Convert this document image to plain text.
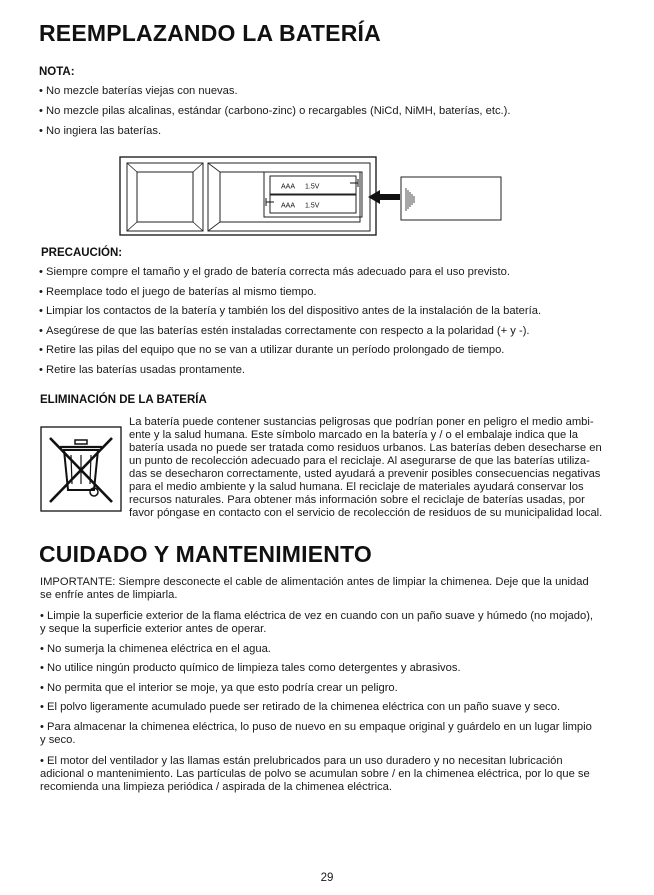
REEMPLAZANDO LA BATERÍA
NOTA:
• No mezcle baterías viejas con nuevas.
• No mezcle pilas alcalinas, estándar (carbono-zinc) o recargables (NiCd, NiMH, baterías, etc.).
• No ingiera las baterías.
AAA 1.5V
AAA 1.5V
PRECAUCIÓN:
• Siempre compre el tamaño y el grado de batería correcta más adecuado para el uso previsto.
• Reemplace todo el juego de baterías al mismo tiempo.
• Limpiar los contactos de la batería y también los del dispositivo antes de la instalación de la batería.
• Asegúrese de que las baterías estén instaladas correctamente con respecto a la polaridad (+ y -).
• Retire las pilas del equipo que no se van a utilizar durante un período prolongado de tiempo.
• Retire las baterías usadas prontamente.
ELIMINACIÓN DE LA BATERÍA
La batería puede contener sustancias peligrosas que podrían poner en peligro el medio ambi-
ente y la salud humana. Este símbolo marcado en la batería y / o el embalaje indica que la
batería usada no puede ser tratada como residuos urbanos. Las baterías deben desecharse en
un punto de recolección adecuado para el reciclaje. Al asegurarse de que las baterías utiliza-
das se desecharon correctamente, usted ayudará a prevenir posibles consecuencias negativas
para el medio ambiente y la salud humana. El reciclaje de materiales ayudará conservar los
recursos naturales. Para obtener más información sobre el reciclaje de baterías usadas, por
favor póngase en contacto con el servicio de recolección de residuos de su municipalidad local.
CUIDADO Y MANTENIMIENTO
IMPORTANTE: Siempre desconecte el cable de alimentación antes de limpiar la chimenea. Deje que la unidad
se enfríe antes de limpiarla.
• Limpie la superficie exterior de la flama eléctrica de vez en cuando con un paño suave y húmedo (no mojado),
y seque la superficie exterior antes de operar.
• No sumerja la chimenea eléctrica en el agua.
• No utilice ningún producto químico de limpieza tales como detergentes y abrasivos.
• No permita que el interior se moje, ya que esto podría crear un peligro.
• El polvo ligeramente acumulado puede ser retirado de la chimenea eléctrica con un paño suave y seco.
• Para almacenar la chimenea eléctrica, lo puso de nuevo en su empaque original y guárdelo en un lugar limpio
y seco.
• El motor del ventilador y las llamas están prelubricados para un uso duradero y no necesitan lubricación
adicional o mantenimiento. Las partículas de polvo se acumulan sobre / en la chimenea eléctrica, por lo que se
recomienda una limpieza periódica / aspirada de la chimenea eléctrica.
29
